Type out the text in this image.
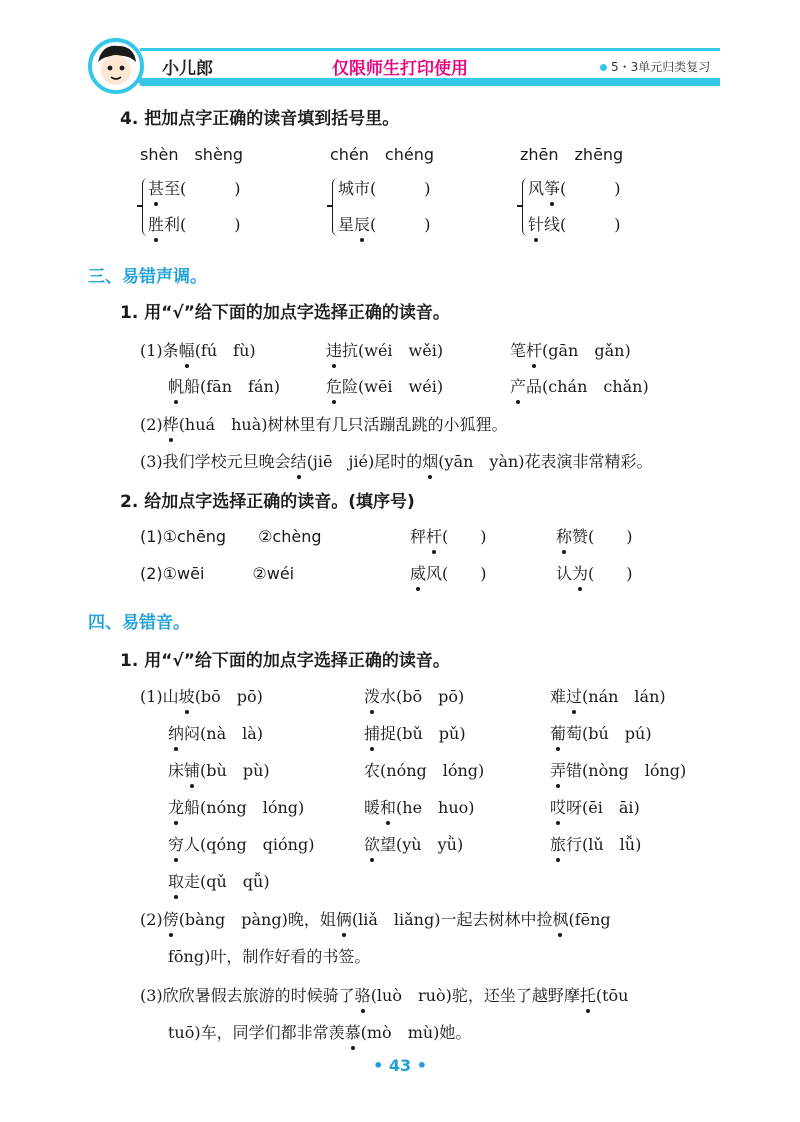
小儿郎	仅限师生打印使用	5・3单元归类复习
4. 把加点字正确的读音填到括号里。
shèn　shèng	chén　chéng	zhēn　zhēng
甚至(　　　)
胜利(　　　)
城市(　　　)
星辰(　　　)
风筝(　　　)
针线(　　　)
三、易错声调。
1. 用“√”给下面的加点字选择正确的读音。
(1)条幅(fú　fù)	违抗(wéi　wěi)	笔杆(gān　gǎn)
帆船(fān　fán)	危险(wēi　wéi)	产品(chán　chǎn)
(2)桦(huá　huà)树林里有几只活蹦乱跳的小狐狸。
(3)我们学校元旦晚会结(jiē　jié)尾时的烟(yān　yàn)花表演非常精彩。
2. 给加点字选择正确的读音。(填序号)
(1)①chēng　　②chèng	秤杆(　　)	称赞(　　)
(2)①wēi　　　②wéi	威风(　　)	认为(　　)
四、易错音。
1. 用“√”给下面的加点字选择正确的读音。
(1)山坡(bō　pō)	泼水(bō　pō)	难过(nán　lán)
纳闷(nà　là)	捕捉(bǔ　pǔ)	葡萄(bú　pú)
床铺(bù　pù)	农(nóng　lóng)	弄错(nòng　lóng)
龙船(nóng　lóng)	暖和(he　huo)	哎呀(ēi　āi)
穷人(qóng　qióng)	欲望(yù　yǜ)	旅行(lǔ　lǚ)
取走(qǔ　qǚ)
(2)傍(bàng　pàng)晚，姐俩(liǎ　liǎng)一起去树林中捡枫(fēng
fōng)叶，制作好看的书签。
(3)欣欣暑假去旅游的时候骑了骆(luò　ruò)驼，还坐了越野摩托(tōu
tuō)车，同学们都非常羡慕(mò　mù)她。
• 43 •
